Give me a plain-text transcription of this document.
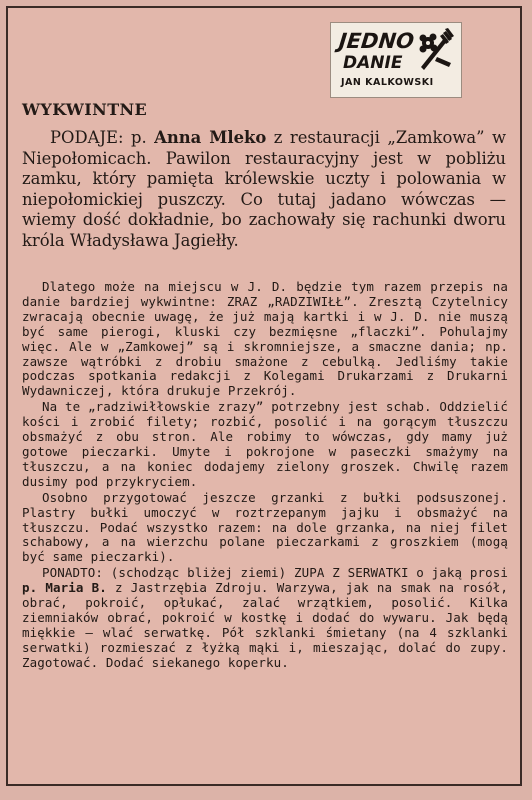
JEDNO
DANIE
JAN KALKOWSKI
WYKWINTNE

PODAJE: p. Anna Mleko z restauracji „Zamkowa” w Niepołomicach. Pawilon restauracyjny jest w pobliżu zamku, który pamięta królewskie uczty i polowania w niepołomickiej puszczy. Co tutaj jadano wówczas — wiemy dość dokładnie, bo zachowały się rachunki dworu króla Władysława Jagiełły.

Dlatego może na miejscu w J. D. będzie tym razem przepis na danie bardziej wykwintne: ZRAZ „RADZIWIŁŁ”. Zresztą Czytelnicy zwracają obecnie uwagę, że już mają kartki i w J. D. nie muszą być same pierogi, kluski czy bezmięsne „flaczki”. Pohulajmy więc. Ale w „Zamkowej” są i skromniejsze, a smaczne dania; np. zawsze wątróbki z drobiu smażone z cebulką. Jedliśmy takie podczas spotkania redakcji z Kolegami Drukarzami z Drukarni Wydawniczej, która drukuje Przekrój.

Na te „radziwiłłowskie zrazy” potrzebny jest schab. Oddzielić kości i zrobić filety; rozbić, posolić i na gorącym tłuszczu obsmażyć z obu stron. Ale robimy to wówczas, gdy mamy już gotowe pieczarki. Umyte i pokrojone w paseczki smażymy na tłuszczu, a na koniec dodajemy zielony groszek. Chwilę razem dusimy pod przykryciem.

Osobno przygotować jeszcze grzanki z bułki podsuszonej. Plastry bułki umoczyć w roztrzepanym jajku i obsmażyć na tłuszczu. Podać wszystko razem: na dole grzanka, na niej filet schabowy, a na wierzchu polane pieczarkami z groszkiem (mogą być same pieczarki).

PONADTO: (schodząc bliżej ziemi) ZUPA Z SERWATKI o jaką prosi p. Maria B. z Jastrzębia Zdroju. Warzywa, jak na smak na rosół, obrać, pokroić, opłukać, zalać wrzątkiem, posolić. Kilka ziemniaków obrać, pokroić w kostkę i dodać do wywaru. Jak będą miękkie — wlać serwatkę. Pół szklanki śmietany (na 4 szklanki serwatki) rozmieszać z łyżką mąki i, mieszając, dolać do zupy. Zagotować. Dodać siekanego koperku.
